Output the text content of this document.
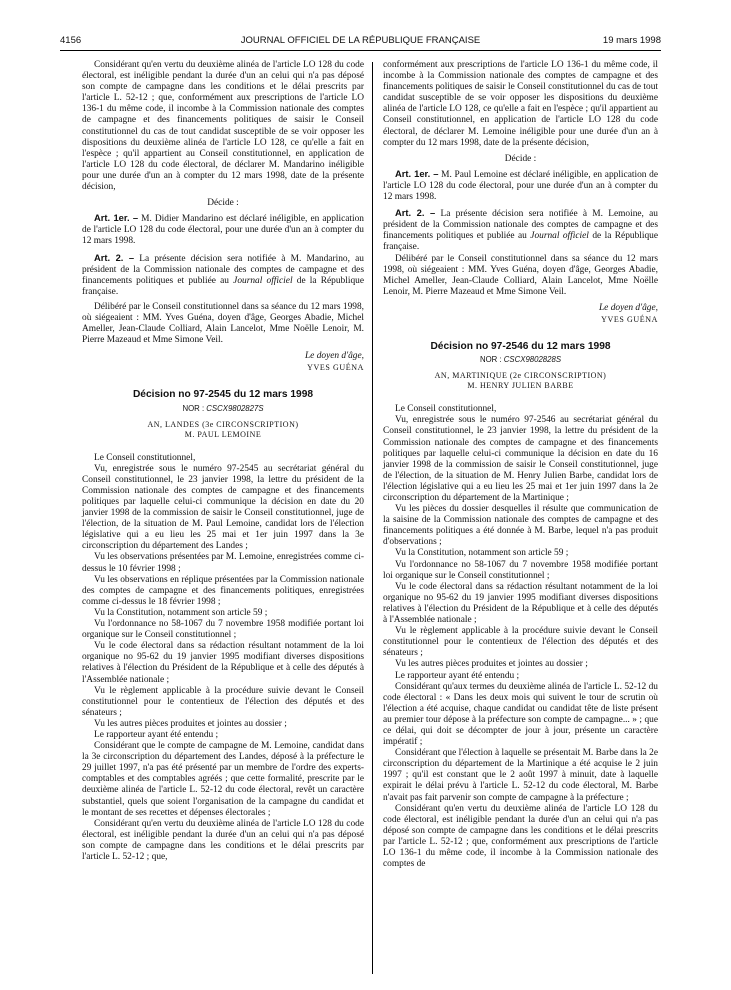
4156	JOURNAL OFFICIEL DE LA RÉPUBLIQUE FRANÇAISE	19 mars 1998

Considérant qu'en vertu du deuxième alinéa de l'article LO 128 du code électoral, est inéligible pendant la durée d'un an celui qui n'a pas déposé son compte de campagne dans les conditions et le délai prescrits par l'article L. 52-12 ; que, conformément aux prescriptions de l'article LO 136-1 du même code, il incombe à la Commission nationale des comptes de campagne et des financements politiques de saisir le Conseil constitutionnel du cas de tout candidat susceptible de se voir opposer les dispositions du deuxième alinéa de l'article LO 128, ce qu'elle a fait en l'espèce ; qu'il appartient au Conseil constitutionnel, en application de l'article LO 128 du code électoral, de déclarer M. Mandarino inéligible pour une durée d'un an à compter du 12 mars 1998, date de la présente décision,

Décide :

Art. 1er. – M. Didier Mandarino est déclaré inéligible, en application de l'article LO 128 du code électoral, pour une durée d'un an à compter du 12 mars 1998.

Art. 2. – La présente décision sera notifiée à M. Mandarino, au président de la Commission nationale des comptes de campagne et des financements politiques et publiée au Journal officiel de la République française.

Délibéré par le Conseil constitutionnel dans sa séance du 12 mars 1998, où siégeaient : MM. Yves Guéna, doyen d'âge, Georges Abadie, Michel Ameller, Jean-Claude Colliard, Alain Lancelot, Mme Noëlle Lenoir, M. Pierre Mazeaud et Mme Simone Veil.

Le doyen d'âge,
YVES GUÉNA
Décision no 97-2545 du 12 mars 1998
NOR : CSCX9802827S
AN, LANDES (3e CIRCONSCRIPTION)
M. PAUL LEMOINE

Le Conseil constitutionnel,

Vu, enregistrée sous le numéro 97-2545 au secrétariat général du Conseil constitutionnel, le 23 janvier 1998, la lettre du président de la Commission nationale des comptes de campagne et des financements politiques par laquelle celui-ci communique la décision en date du 20 janvier 1998 de la commission de saisir le Conseil constitutionnel, juge de l'élection, de la situation de M. Paul Lemoine, candidat lors de l'élection législative qui a eu lieu les 25 mai et 1er juin 1997 dans la 3e circonscription du département des Landes ;

Vu les observations présentées par M. Lemoine, enregistrées comme ci-dessus le 10 février 1998 ;

Vu les observations en réplique présentées par la Commission nationale des comptes de campagne et des financements politiques, enregistrées comme ci-dessus le 18 février 1998 ;

Vu la Constitution, notamment son article 59 ;

Vu l'ordonnance no 58-1067 du 7 novembre 1958 modifiée portant loi organique sur le Conseil constitutionnel ;

Vu le code électoral dans sa rédaction résultant notamment de la loi organique no 95-62 du 19 janvier 1995 modifiant diverses dispositions relatives à l'élection du Président de la République et à celle des députés à l'Assemblée nationale ;

Vu le règlement applicable à la procédure suivie devant le Conseil constitutionnel pour le contentieux de l'élection des députés et des sénateurs ;

Vu les autres pièces produites et jointes au dossier ;

Le rapporteur ayant été entendu ;

Considérant que le compte de campagne de M. Lemoine, candidat dans la 3e circonscription du département des Landes, déposé à la préfecture le 29 juillet 1997, n'a pas été présenté par un membre de l'ordre des experts-comptables et des comptables agréés ; que cette formalité, prescrite par le deuxième alinéa de l'article L. 52-12 du code électoral, revêt un caractère substantiel, quels que soient l'organisation de la campagne du candidat et le montant de ses recettes et dépenses électorales ;

Considérant qu'en vertu du deuxième alinéa de l'article LO 128 du code électoral, est inéligible pendant la durée d'un an celui qui n'a pas déposé son compte de campagne dans les conditions et le délai prescrits par l'article L. 52-12 ; que,

conformément aux prescriptions de l'article LO 136-1 du même code, il incombe à la Commission nationale des comptes de campagne et des financements politiques de saisir le Conseil constitutionnel du cas de tout candidat susceptible de se voir opposer les dispositions du deuxième alinéa de l'article LO 128, ce qu'elle a fait en l'espèce ; qu'il appartient au Conseil constitutionnel, en application de l'article LO 128 du code électoral, de déclarer M. Lemoine inéligible pour une durée d'un an à compter du 12 mars 1998, date de la présente décision,

Décide :

Art. 1er. – M. Paul Lemoine est déclaré inéligible, en application de l'article LO 128 du code électoral, pour une durée d'un an à compter du 12 mars 1998.

Art. 2. – La présente décision sera notifiée à M. Lemoine, au président de la Commission nationale des comptes de campagne et des financements politiques et publiée au Journal officiel de la République française.

Délibéré par le Conseil constitutionnel dans sa séance du 12 mars 1998, où siégeaient : MM. Yves Guéna, doyen d'âge, Georges Abadie, Michel Ameller, Jean-Claude Colliard, Alain Lancelot, Mme Noëlle Lenoir, M. Pierre Mazeaud et Mme Simone Veil.

Le doyen d'âge,
YVES GUÉNA
Décision no 97-2546 du 12 mars 1998
NOR : CSCX9802828S
AN, MARTINIQUE (2e CIRCONSCRIPTION)
M. HENRY JULIEN BARBE

Le Conseil constitutionnel,

Vu, enregistrée sous le numéro 97-2546 au secrétariat général du Conseil constitutionnel, le 23 janvier 1998, la lettre du président de la Commission nationale des comptes de campagne et des financements politiques par laquelle celui-ci communique la décision en date du 16 janvier 1998 de la commission de saisir le Conseil constitutionnel, juge de l'élection, de la situation de M. Henry Julien Barbe, candidat lors de l'élection législative qui a eu lieu les 25 mai et 1er juin 1997 dans la 2e circonscription du département de la Martinique ;

Vu les pièces du dossier desquelles il résulte que communication de la saisine de la Commission nationale des comptes de campagne et des financements politiques a été donnée à M. Barbe, lequel n'a pas produit d'observations ;

Vu la Constitution, notamment son article 59 ;

Vu l'ordonnance no 58-1067 du 7 novembre 1958 modifiée portant loi organique sur le Conseil constitutionnel ;

Vu le code électoral dans sa rédaction résultant notamment de la loi organique no 95-62 du 19 janvier 1995 modifiant diverses dispositions relatives à l'élection du Président de la République et à celle des députés à l'Assemblée nationale ;

Vu le règlement applicable à la procédure suivie devant le Conseil constitutionnel pour le contentieux de l'élection des députés et des sénateurs ;

Vu les autres pièces produites et jointes au dossier ;

Le rapporteur ayant été entendu ;

Considérant qu'aux termes du deuxième alinéa de l'article L. 52-12 du code électoral : « Dans les deux mois qui suivent le tour de scrutin où l'élection a été acquise, chaque candidat ou candidat tête de liste présent au premier tour dépose à la préfecture son compte de campagne... » ; que ce délai, qui doit se décompter de jour à jour, présente un caractère impératif ;

Considérant que l'élection à laquelle se présentait M. Barbe dans la 2e circonscription du département de la Martinique a été acquise le 2 juin 1997 ; qu'il est constant que le 2 août 1997 à minuit, date à laquelle expirait le délai prévu à l'article L. 52-12 du code électoral, M. Barbe n'avait pas fait parvenir son compte de campagne à la préfecture ;

Considérant qu'en vertu du deuxième alinéa de l'article LO 128 du code électoral, est inéligible pendant la durée d'un an celui qui n'a pas déposé son compte de campagne dans les conditions et le délai prescrits par l'article L. 52-12 ; que, conformément aux prescriptions de l'article LO 136-1 du même code, il incombe à la Commission nationale des comptes de
